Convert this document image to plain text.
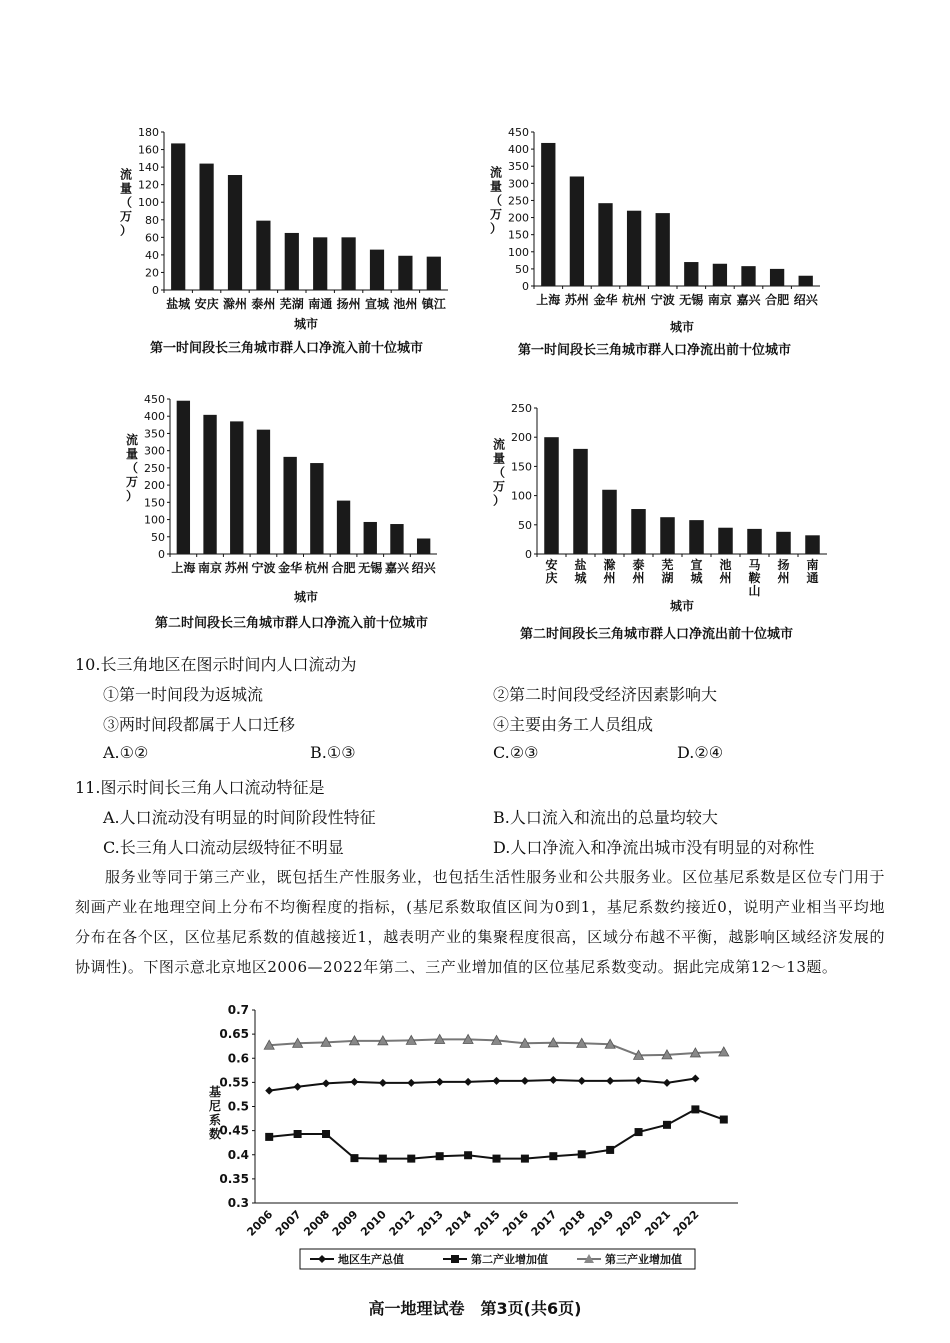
0
20
40
60
80
100
120
140
160
180
盐城 安庆 滁州 泰州 芜湖 南通 扬州 宣城 池州 镇江
流
量
（
万
）
城市
第一时间段长三角城市群人口净流入前十位城市
0
50
100
150
200
250
300
350
400
450
上海 苏州 金华 杭州 宁波 无锡 南京 嘉兴 合肥 绍兴
流
量
（
万
）
城市
第一时间段长三角城市群人口净流出前十位城市
0
50
100
150
200
250
300
350
400
450
上海 南京 苏州 宁波 金华 杭州 合肥 无锡 嘉兴 绍兴
流
量
（
万
）
城市
第二时间段长三角城市群人口净流入前十位城市
0
50
100
150
200
250
安
庆
盐
城
滁
州
泰
州
芜
湖
宣
城
池
州
马
鞍
山
扬
州
南
通
流
量
（
万
）
城市
第二时间段长三角城市群人口净流出前十位城市
10.长三角地区在图示时间内人口流动为
①第一时间段为返城流	②第二时间段受经济因素影响大
③两时间段都属于人口迁移	④主要由务工人员组成
A.①②	B.①③	C.②③	D.②④
11.图示时间长三角人口流动特征是
A.人口流动没有明显的时间阶段性特征	B.人口流入和流出的总量均较大
C.长三角人口流动层级特征不明显	D.人口净流入和净流出城市没有明显的对称性
服务业等同于第三产业，既包括生产性服务业，也包括生活性服务业和公共服务业。区位基尼系数是区位专门用于刻画产业在地理空间上分布不均衡程度的指标，(基尼系数取值区间为0到1，基尼系数约接近0，说明产业相当平均地分布在各个区，区位基尼系数的值越接近1，越表明产业的集聚程度很高，区域分布越不平衡，越影响区域经济发展的协调性)。下图示意北京地区2006—2022年第二、三产业增加值的区位基尼系数变动。据此完成第12～13题。
0.3
0.35
0.4
0.45
0.5
0.55
0.6
0.65
0.7
基
尼
系
数
2006
2007
2008
2009
2010
2012
2013
2014
2015
2016
2017
2018
2019
2020
2021
2022
地区生产总值	第二产业增加值	第三产业增加值
高一地理试卷　第3页(共6页)
